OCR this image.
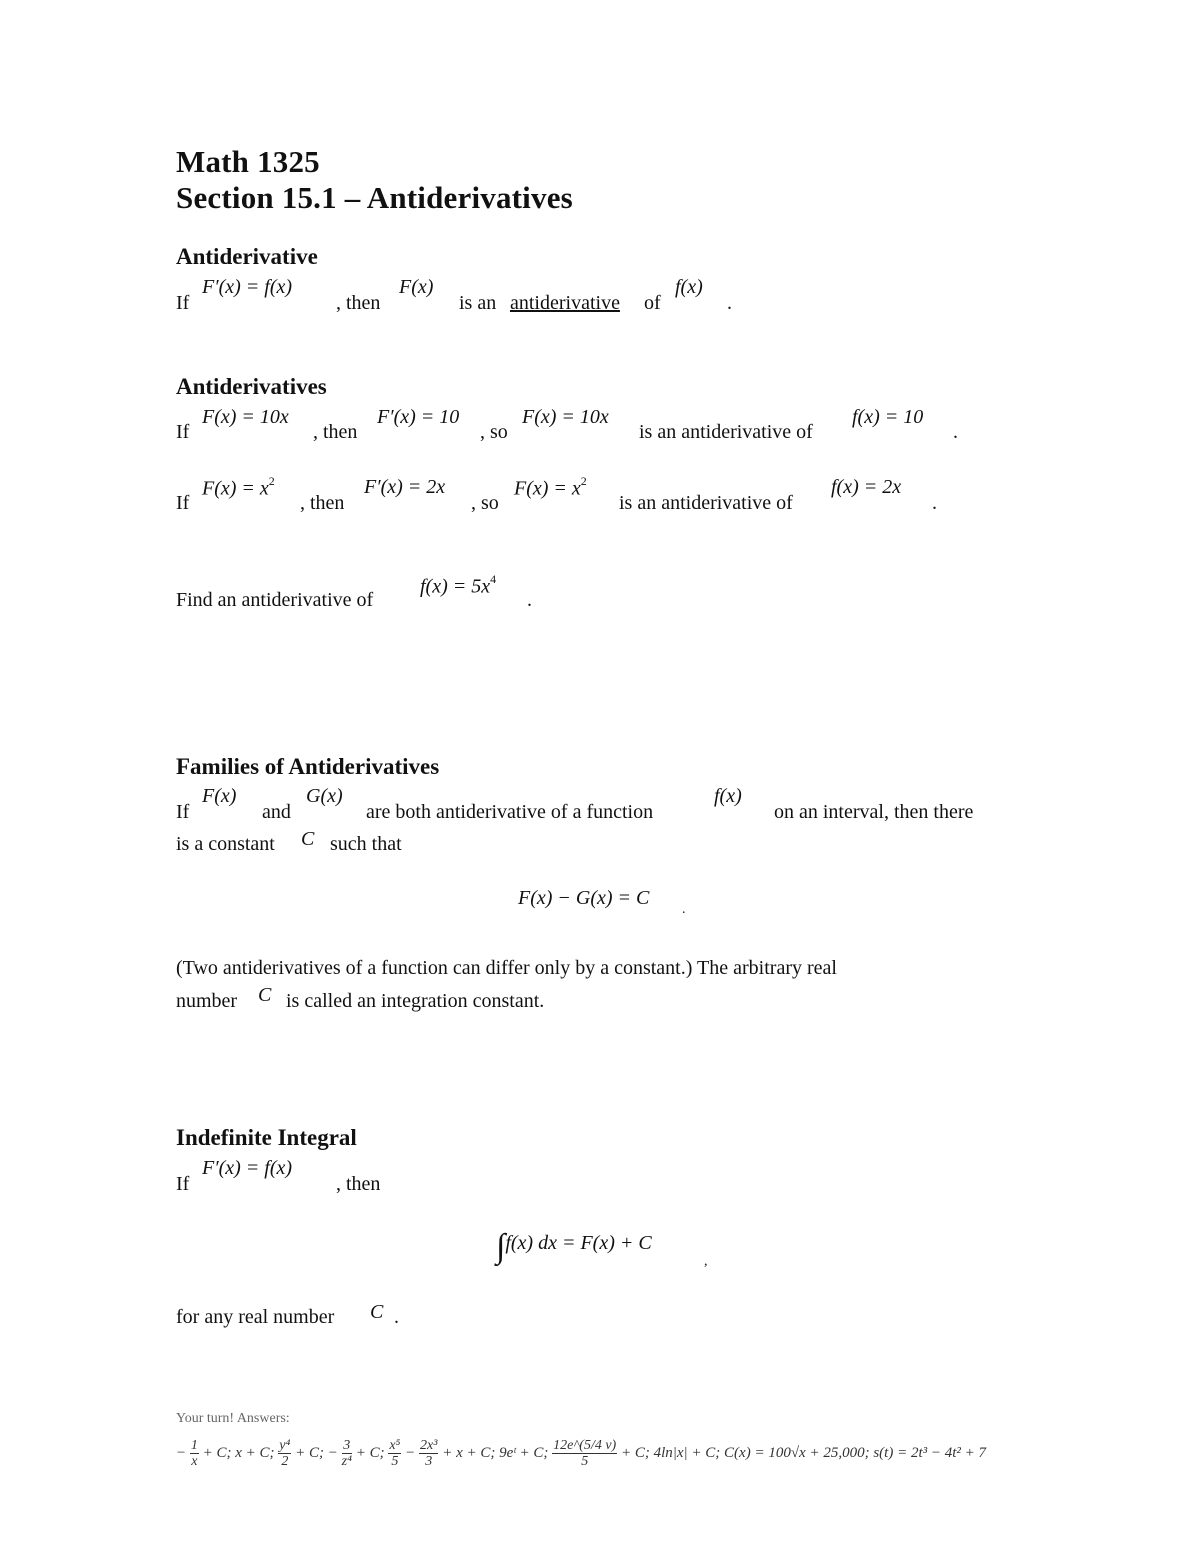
Math 1325
Section 15.1 – Antiderivatives
Antiderivative
If
F′(x) = f(x)
, then
F(x)
is an antiderivative of
f(x)
.
Antiderivatives
If
F(x) = 10x
, then
F′(x) = 10
, so
F(x) = 10x
is an antiderivative of
f(x) = 10
.
If
$F(x) = x^2$
, then
F′(x) = 2x
, so
$F(x) = x^2$
is an antiderivative of
f(x) = 2x
.
Find an antiderivative of
$f(x) = 5x^4$
.
Families of Antiderivatives
If
F(x)
and
G(x)
are both antiderivative of a function
f(x)
on an interval, then there
is a constant C such that
F(x) − G(x) = C
.
(Two antiderivatives of a function can differ only by a constant.) The arbitrary real
number C is called an integration constant.
Indefinite Integral
If
F′(x) = f(x)
, then
∫f(x) dx = F(x) + C
,
for any real number C .
Your turn! Answers:
− $\frac{1}{x} + C$; x + C; $\frac{\text{y⁴}}{2} + C$; − $\frac{3}{\text{z⁴}} + C$; $\frac{\text{x⁵}}{5} - \frac{\text{2x³}}{3} + x + C$; 9eᵗ + C; $\frac{12e\^{}(5/4 v)}{5} + C$; 4ln|x| + C; C(x) = 100√x + 25,000; s(t) = 2t³ − 4t² + 7
